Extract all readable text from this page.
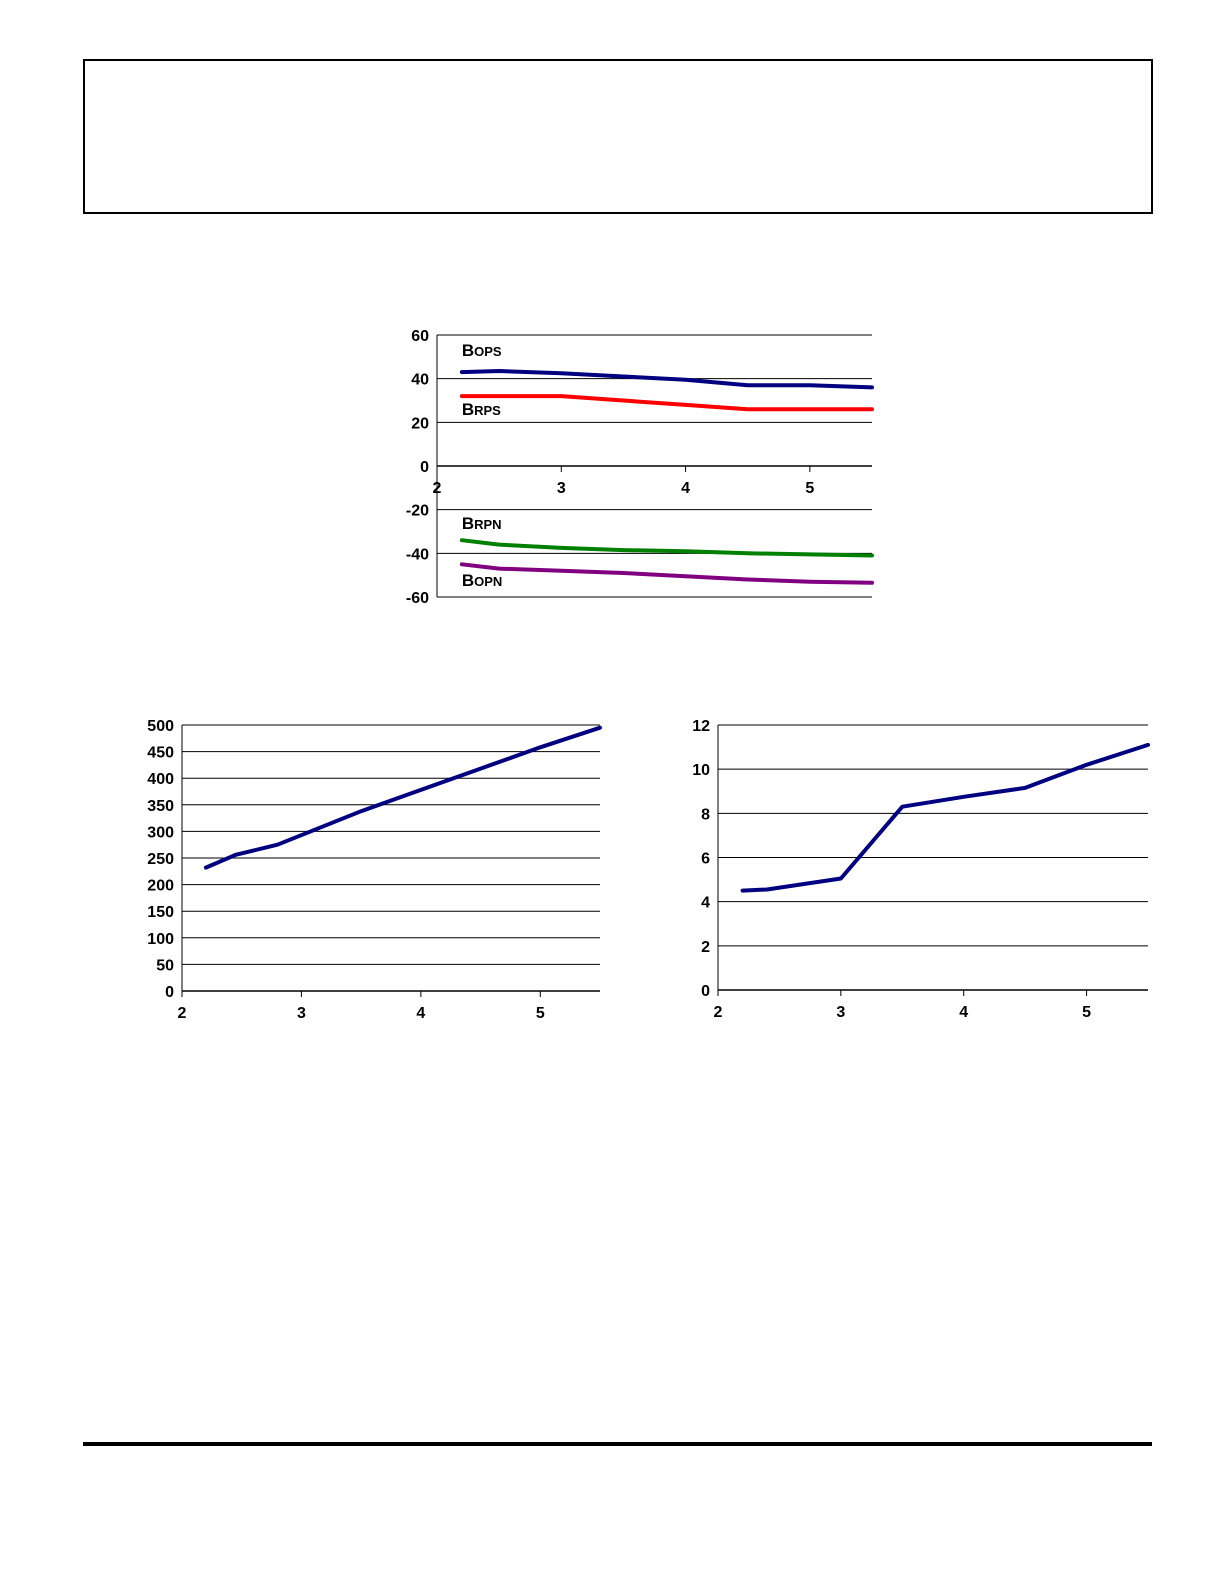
60
40
20
0
-20
-40
-60
2	3	4	5
BOPS
BRPS
BRPN
BOPN
500
450
400
350
300
250
200
150
100
50
0
2	3	4	5
12
10
8
6
4
2
0
2	3	4	5
